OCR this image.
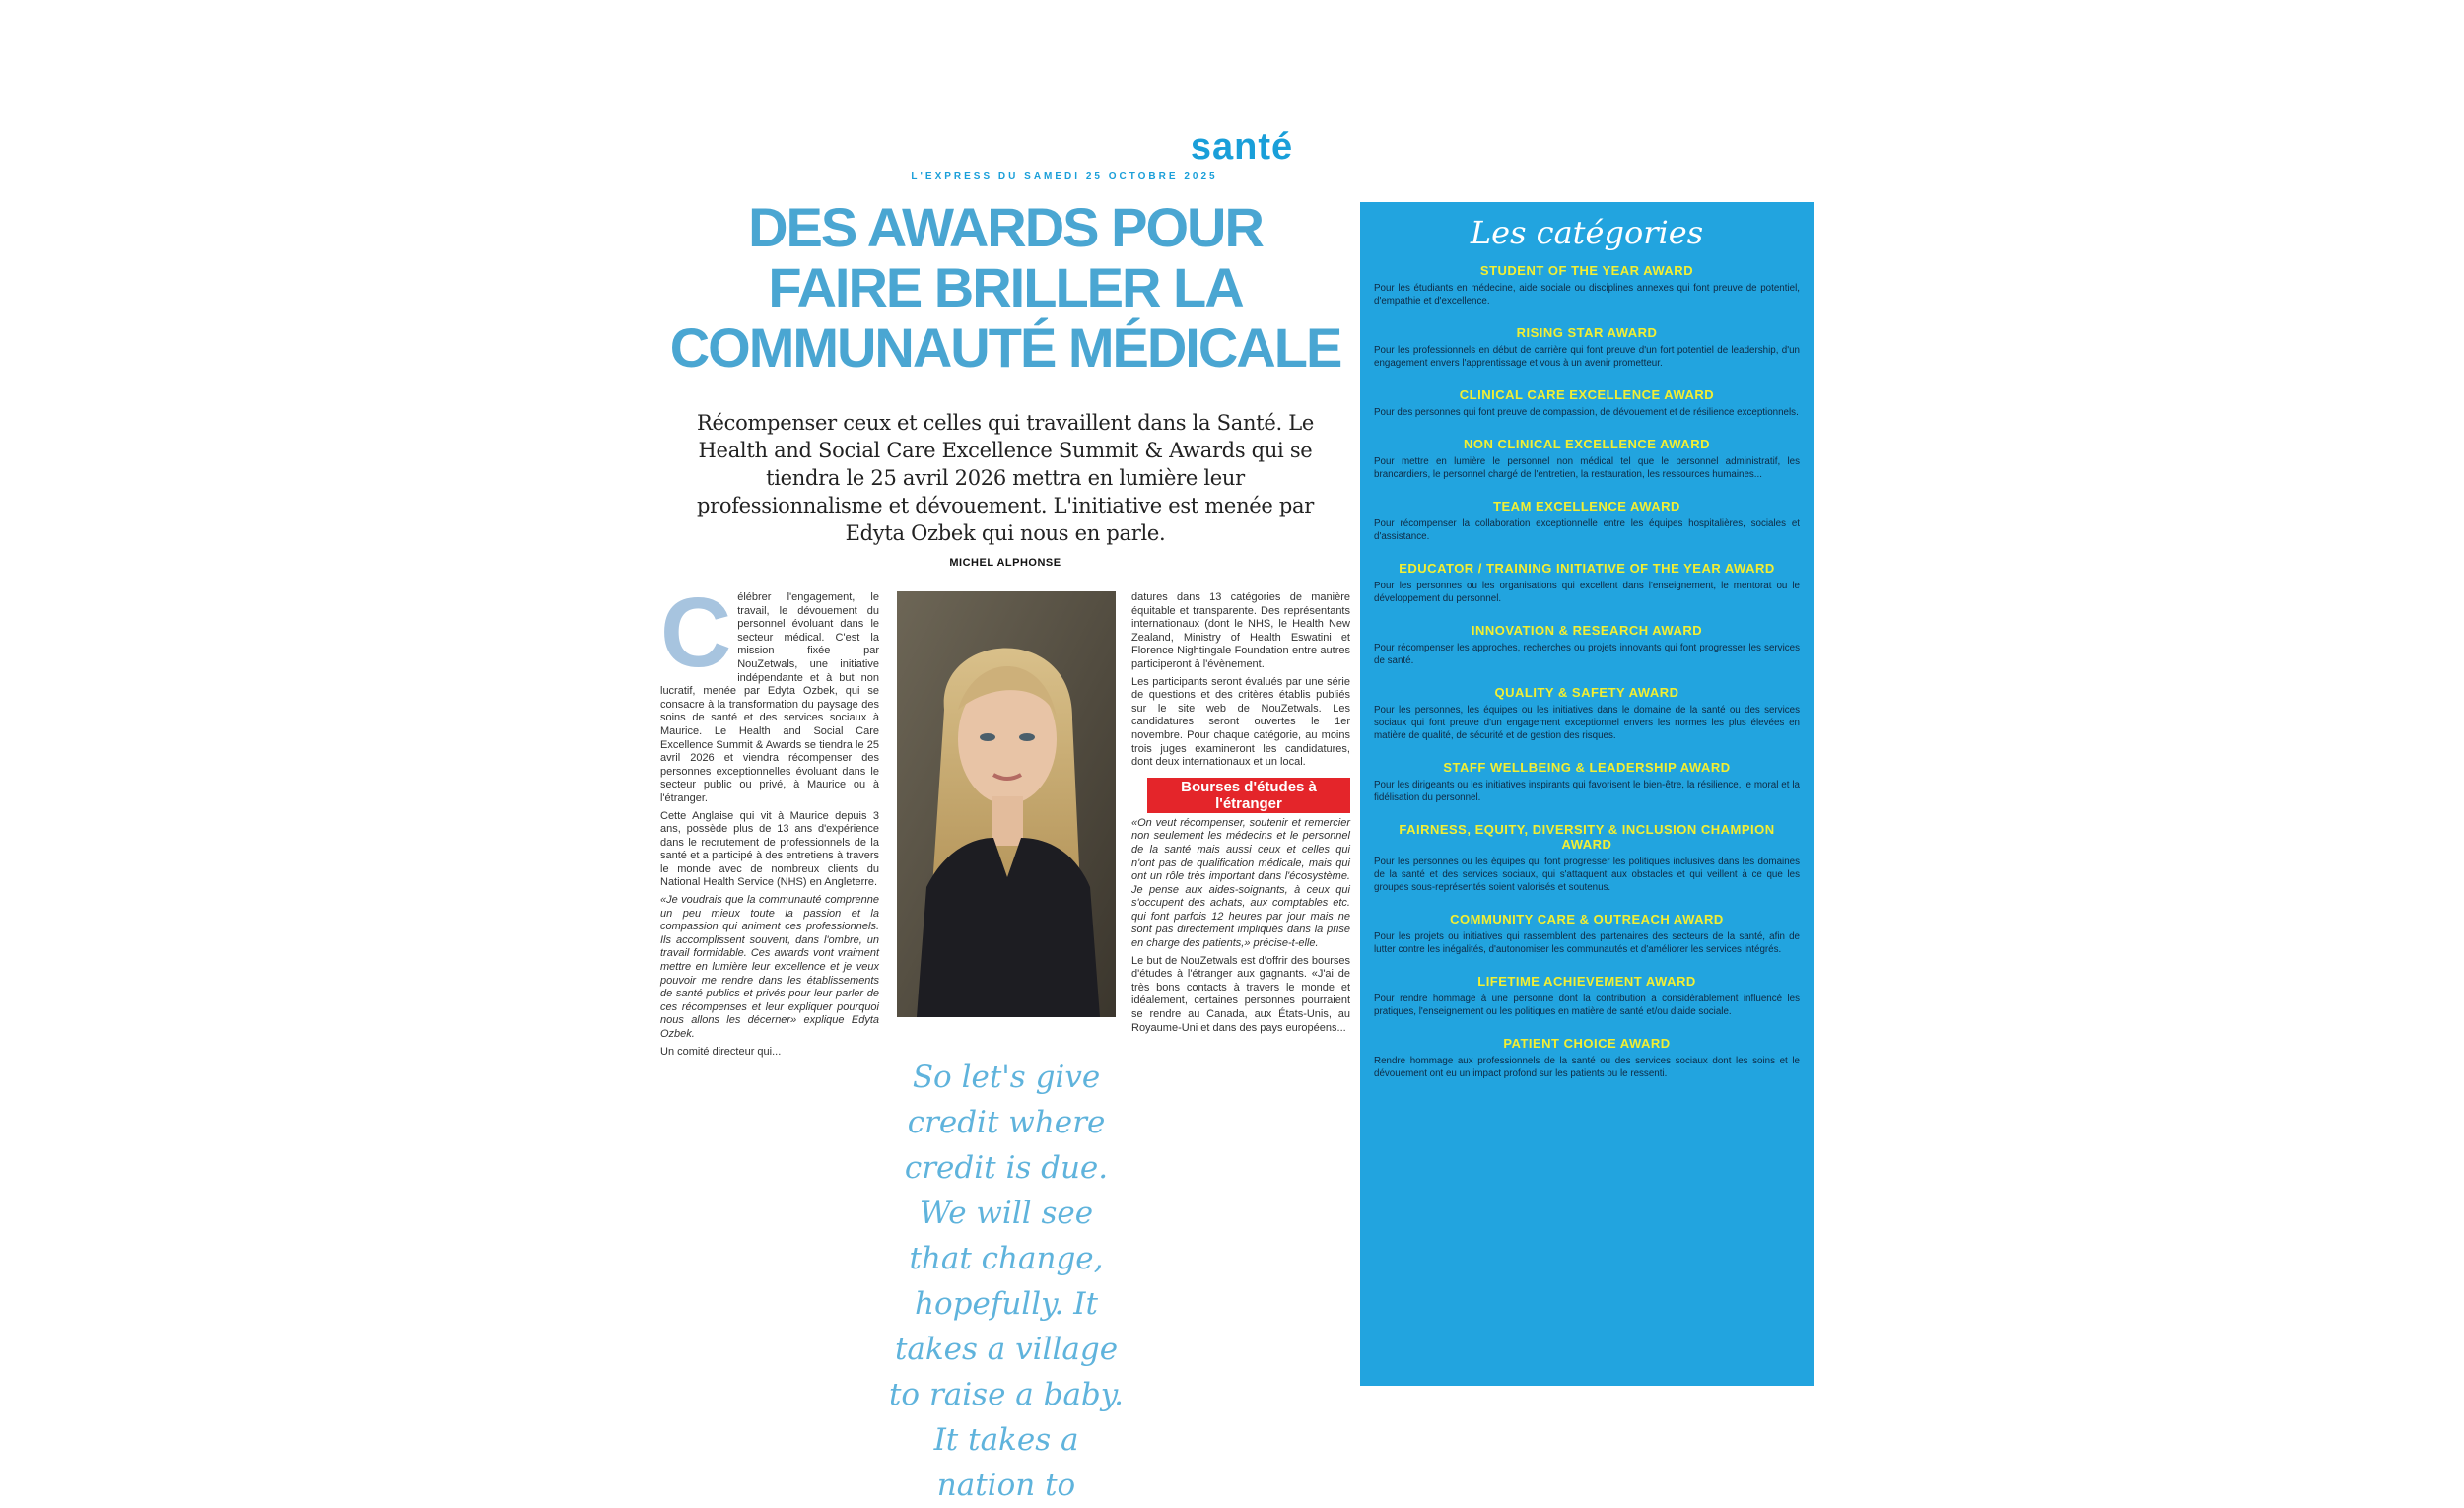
santé
L'EXPRESS DU SAMEDI 25 OCTOBRE 2025
DES AWARDS POUR
FAIRE BRILLER LA
COMMUNAUTÉ MÉDICALE
Récompenser ceux et celles qui travaillent dans la Santé. Le Health and Social Care Excellence Summit & Awards qui se tiendra le 25 avril 2026 mettra en lumière leur professionnalisme et dévouement. L'initiative est menée par Edyta Ozbek qui nous en parle.
MICHEL ALPHONSE
C élébrer l'engagement, le travail, le dévouement du personnel évoluant dans le secteur médical. C'est la mission fixée par NouZetwals, une initiative indépendante et à but non lucratif, menée par Edyta Ozbek, qui se consacre à la transformation du paysage des soins de santé et des services sociaux à Maurice. Le Health and Social Care Excellence Summit & Awards se tiendra le 25 avril 2026 et viendra récompenser des personnes exceptionnelles évoluant dans le secteur public ou privé, à Maurice ou à l'étranger.

Cette Anglaise qui vit à Maurice depuis 3 ans, possède plus de 13 ans d'expérience dans le recrutement de professionnels de la santé et a participé à des entretiens à travers le monde avec de nombreux clients du National Health Service (NHS) en Angleterre.

«Je voudrais que la communauté comprenne un peu mieux toute la passion et la compassion qui animent ces professionnels. Ils accomplissent souvent, dans l'ombre, un travail formidable. Ces awards vont vraiment mettre en lumière leur excellence et je veux pouvoir me rendre dans les établissements de santé publics et privés pour leur parler de ces récompenses et leur expliquer pourquoi nous allons les décerner» explique Edyta Ozbek.

Un comité directeur qui...

So let's give credit where credit is due. We will see that change, hopefully. It takes a village to raise a baby. It takes a nation to

datures dans 13 catégories de manière équitable et transparente. Des représentants internationaux (dont le NHS, le Health New Zealand, Ministry of Health Eswatini et Florence Nightingale Foundation entre autres participeront à l'évènement.

Les participants seront évalués par une série de questions et des critères établis publiés sur le site web de NouZetwals. Les candidatures seront ouvertes le 1er novembre. Pour chaque catégorie, au moins trois juges examineront les candidatures, dont deux internationaux et un local.

Bourses d'études à l'étranger

«On veut récompenser, soutenir et remercier non seulement les médecins et le personnel de la santé mais aussi ceux et celles qui n'ont pas de qualification médicale, mais qui ont un rôle très important dans l'écosystème. Je pense aux aides-soignants, à ceux qui s'occupent des achats, aux comptables etc. qui font parfois 12 heures par jour mais ne sont pas directement impliqués dans la prise en charge des patients,» précise-t-elle.

Le but de NouZetwals est d'offrir des bourses d'études à l'étranger aux gagnants. «J'ai de très bons contacts à travers le monde et idéalement, certaines personnes pourraient se rendre au Canada, aux États-Unis, au Royaume-Uni et dans des pays européens...

Les catégories
STUDENT OF THE YEAR AWARD
Pour les étudiants en médecine, aide sociale ou disciplines annexes qui font preuve de potentiel, d'empathie et d'excellence.
RISING STAR AWARD
Pour les professionnels en début de carrière qui font preuve d'un fort potentiel de leadership, d'un engagement envers l'apprentissage et vous à un avenir prometteur.
CLINICAL CARE EXCELLENCE AWARD
Pour des personnes qui font preuve de compassion, de dévouement et de résilience exceptionnels.
NON CLINICAL EXCELLENCE AWARD
Pour mettre en lumière le personnel non médical tel que le personnel administratif, les brancardiers, le personnel chargé de l'entretien, la restauration, les ressources humaines...
TEAM EXCELLENCE AWARD
Pour récompenser la collaboration exceptionnelle entre les équipes hospitalières, sociales et d'assistance.
EDUCATOR / TRAINING INITIATIVE OF THE YEAR AWARD
Pour les personnes ou les organisations qui excellent dans l'enseignement, le mentorat ou le développement du personnel.
INNOVATION & RESEARCH AWARD
Pour récompenser les approches, recherches ou projets innovants qui font progresser les services de santé.
QUALITY & SAFETY AWARD
Pour les personnes, les équipes ou les initiatives dans le domaine de la santé ou des services sociaux qui font preuve d'un engagement exceptionnel envers les normes les plus élevées en matière de qualité, de sécurité et de gestion des risques.
STAFF WELLBEING & LEADERSHIP AWARD
Pour les dirigeants ou les initiatives inspirants qui favorisent le bien-être, la résilience, le moral et la fidélisation du personnel.
FAIRNESS, EQUITY, DIVERSITY & INCLUSION CHAMPION AWARD
Pour les personnes ou les équipes qui font progresser les politiques inclusives dans les domaines de la santé et des services sociaux, qui s'attaquent aux obstacles et qui veillent à ce que les groupes sous-représentés soient valorisés et soutenus.
COMMUNITY CARE & OUTREACH AWARD
Pour les projets ou initiatives qui rassemblent des partenaires des secteurs de la santé, afin de lutter contre les inégalités, d'autonomiser les communautés et d'améliorer les services intégrés.
LIFETIME ACHIEVEMENT AWARD
Pour rendre hommage à une personne dont la contribution a considérablement influencé les pratiques, l'enseignement ou les politiques en matière de santé et/ou d'aide sociale.
PATIENT CHOICE AWARD
Rendre hommage aux professionnels de la santé ou des services sociaux dont les soins et le dévouement ont eu un impact profond sur les patients ou le ressenti.
